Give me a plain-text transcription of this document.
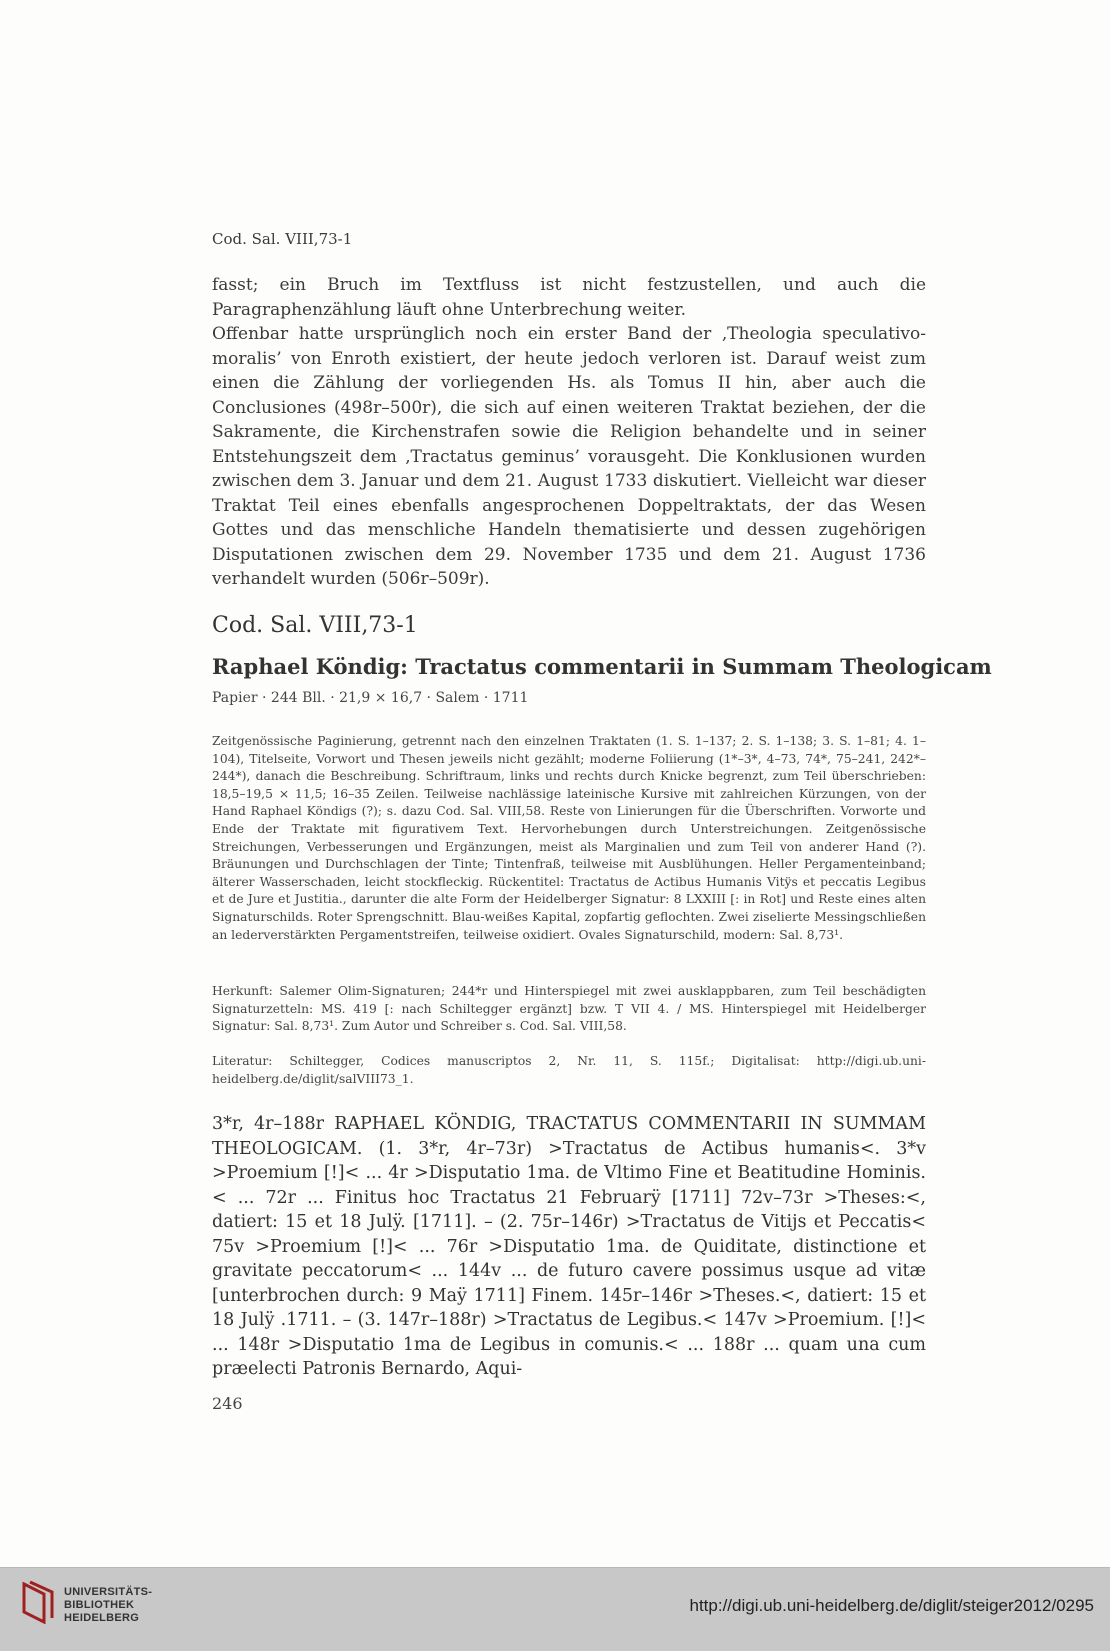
Cod. Sal. VIII,73-1

fasst; ein Bruch im Textfluss ist nicht festzustellen, und auch die Paragraphenzählung läuft ohne Unterbrechung weiter.

Offenbar hatte ursprünglich noch ein erster Band der ‚Theologia speculativo-moralis’ von Enroth existiert, der heute jedoch verloren ist. Darauf weist zum einen die Zählung der vorliegenden Hs. als Tomus II hin, aber auch die Conclusiones (498r–500r), die sich auf einen weiteren Traktat beziehen, der die Sakramente, die Kirchenstrafen sowie die Religion behandelte und in seiner Entstehungszeit dem ‚Tractatus geminus’ vorausgeht. Die Konklusionen wurden zwischen dem 3. Januar und dem 21. August 1733 diskutiert. Vielleicht war dieser Traktat Teil eines ebenfalls angesprochenen Doppeltraktats, der das Wesen Gottes und das menschliche Handeln thematisierte und dessen zugehörigen Disputationen zwischen dem 29. November 1735 und dem 21. August 1736 verhandelt wurden (506r–509r).

Cod. Sal. VIII,73-1
Raphael Köndig: Tractatus commentarii in Summam Theologicam
Papier · 244 Bll. · 21,9 × 16,7 · Salem · 1711
Zeitgenössische Paginierung, getrennt nach den einzelnen Traktaten (1. S. 1–137; 2. S. 1–138; 3. S. 1–81; 4. 1–104), Titelseite, Vorwort und Thesen jeweils nicht gezählt; moderne Foliierung (1*–3*, 4–73, 74*, 75–241, 242*–244*), danach die Beschreibung. Schriftraum, links und rechts durch Knicke begrenzt, zum Teil überschrieben: 18,5–19,5 × 11,5; 16–35 Zeilen. Teilweise nachlässige lateinische Kursive mit zahlreichen Kürzungen, von der Hand Raphael Köndigs (?); s. dazu Cod. Sal. VIII,58. Reste von Linierungen für die Überschriften. Vorworte und Ende der Traktate mit figurativem Text. Hervorhebungen durch Unterstreichungen. Zeitgenössische Streichungen, Verbesserungen und Ergänzungen, meist als Marginalien und zum Teil von anderer Hand (?). Bräunungen und Durchschlagen der Tinte; Tintenfraß, teilweise mit Ausblühungen. Heller Pergamenteinband; älterer Wasserschaden, leicht stockfleckig. Rückentitel: Tractatus de Actibus Humanis Vitÿs et peccatis Legibus et de Jure et Justitia., darunter die alte Form der Heidelberger Signatur: 8 LXXIII [: in Rot] und Reste eines alten Signaturschilds. Roter Sprengschnitt. Blau-weißes Kapital, zopfartig geflochten. Zwei ziselierte Messingschließen an lederverstärkten Pergamentstreifen, teilweise oxidiert. Ovales Signaturschild, modern: Sal. 8,73¹.
Herkunft: Salemer Olim-Signaturen; 244*r und Hinterspiegel mit zwei ausklappbaren, zum Teil beschädigten Signaturzetteln: MS. 419 [: nach Schiltegger ergänzt] bzw. T VII 4. / MS. Hinterspiegel mit Heidelberger Signatur: Sal. 8,73¹. Zum Autor und Schreiber s. Cod. Sal. VIII,58.
Literatur: Schiltegger, Codices manuscriptos 2, Nr. 11, S. 115f.; Digitalisat: http://digi.ub.uni-heidelberg.de/diglit/salVIII73_1.
3*r, 4r–188r RAPHAEL KÖNDIG, TRACTATUS COMMENTARII IN SUMMAM THEOLOGICAM. (1. 3*r, 4r–73r) >Tractatus de Actibus humanis<. 3*v >Proemium [!]< ... 4r >Disputatio 1ma. de Vltimo Fine et Beatitudine Hominis.< ... 72r ... Finitus hoc Tractatus 21 Februarÿ [1711] 72v–73r >Theses:<, datiert: 15 et 18 Julÿ. [1711]. – (2. 75r–146r) >Tractatus de Vitijs et Peccatis< 75v >Proemium [!]< ... 76r >Disputatio 1ma. de Quiditate, distinctione et gravitate peccatorum< ... 144v ... de futuro cavere possimus usque ad vitæ [unterbrochen durch: 9 Maÿ 1711] Finem. 145r–146r >Theses.<, datiert: 15 et 18 Julÿ .1711. – (3. 147r–188r) >Tractatus de Legibus.< 147v >Proemium. [!]< ... 148r >Disputatio 1ma de Legibus in comunis.< ... 188r ... quam una cum præelecti Patronis Bernardo, Aqui-
246
UNIVERSITÄTS-
BIBLIOTHEK
HEIDELBERG
http://digi.ub.uni-heidelberg.de/diglit/steiger2012/0295
